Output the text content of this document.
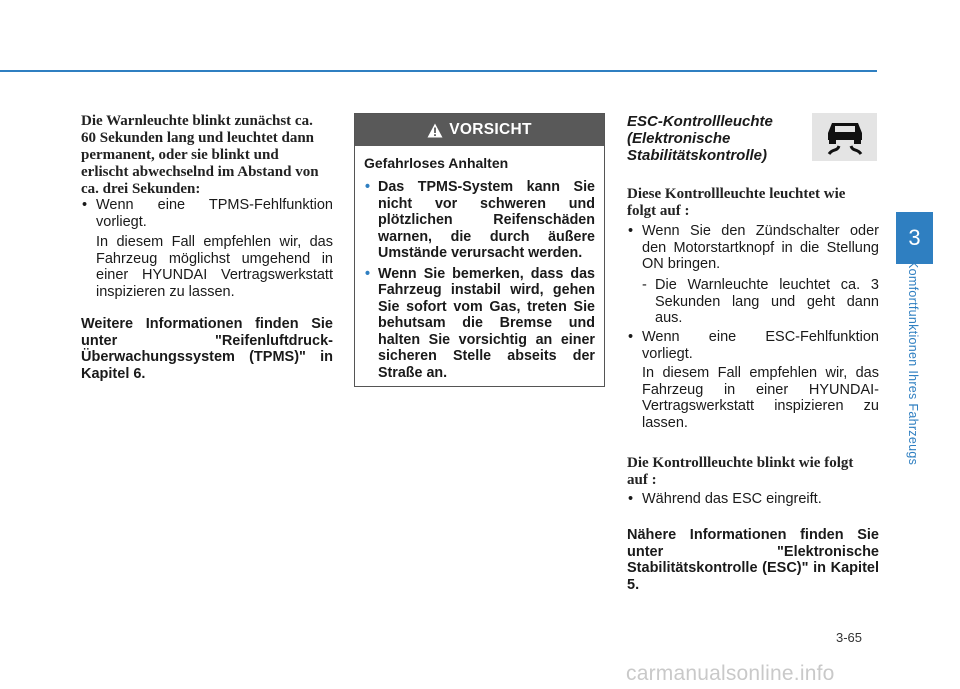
Die Warnleuchte blinkt zunächst ca. 60 Sekunden lang und leuchtet dann permanent, oder sie blinkt und erlischt abwechselnd im Abstand von ca. drei Sekunden:
• Wenn eine TPMS-Fehlfunktion vorliegt.
In diesem Fall empfehlen wir, das Fahrzeug möglichst umgehend in einer HYUNDAI Vertragswerkstatt inspizieren zu lassen.
Weitere Informationen finden Sie unter "Reifenluftdruck-Überwachungssystem (TPMS)" in Kapitel 6.
VORSICHT
Gefahrloses Anhalten
• Das TPMS-System kann Sie nicht vor schweren und plötzlichen Reifenschäden warnen, die durch äußere Umstände verursacht werden.
• Wenn Sie bemerken, dass das Fahrzeug instabil wird, gehen Sie sofort vom Gas, treten Sie behutsam die Bremse und halten Sie vorsichtig an einer sicheren Stelle abseits der Straße an.
ESC-Kontrollleuchte (Elektronische Stabilitätskontrolle)
Diese Kontrollleuchte leuchtet wie folgt auf :
• Wenn Sie den Zündschalter oder den Motorstartknopf in die Stellung ON bringen.
- Die Warnleuchte leuchtet ca. 3 Sekunden lang und geht dann aus.
• Wenn eine ESC-Fehlfunktion vorliegt.
In diesem Fall empfehlen wir, das Fahrzeug in einer HYUNDAI-Vertragswerkstatt inspizieren zu lassen.
Die Kontrollleuchte blinkt wie folgt auf :
• Während das ESC eingreift.
Nähere Informationen finden Sie unter "Elektronische Stabilitätskontrolle (ESC)" in Kapitel 5.
3
Komfortfunktionen Ihres Fahrzeugs
3-65
carmanualsonline.info
